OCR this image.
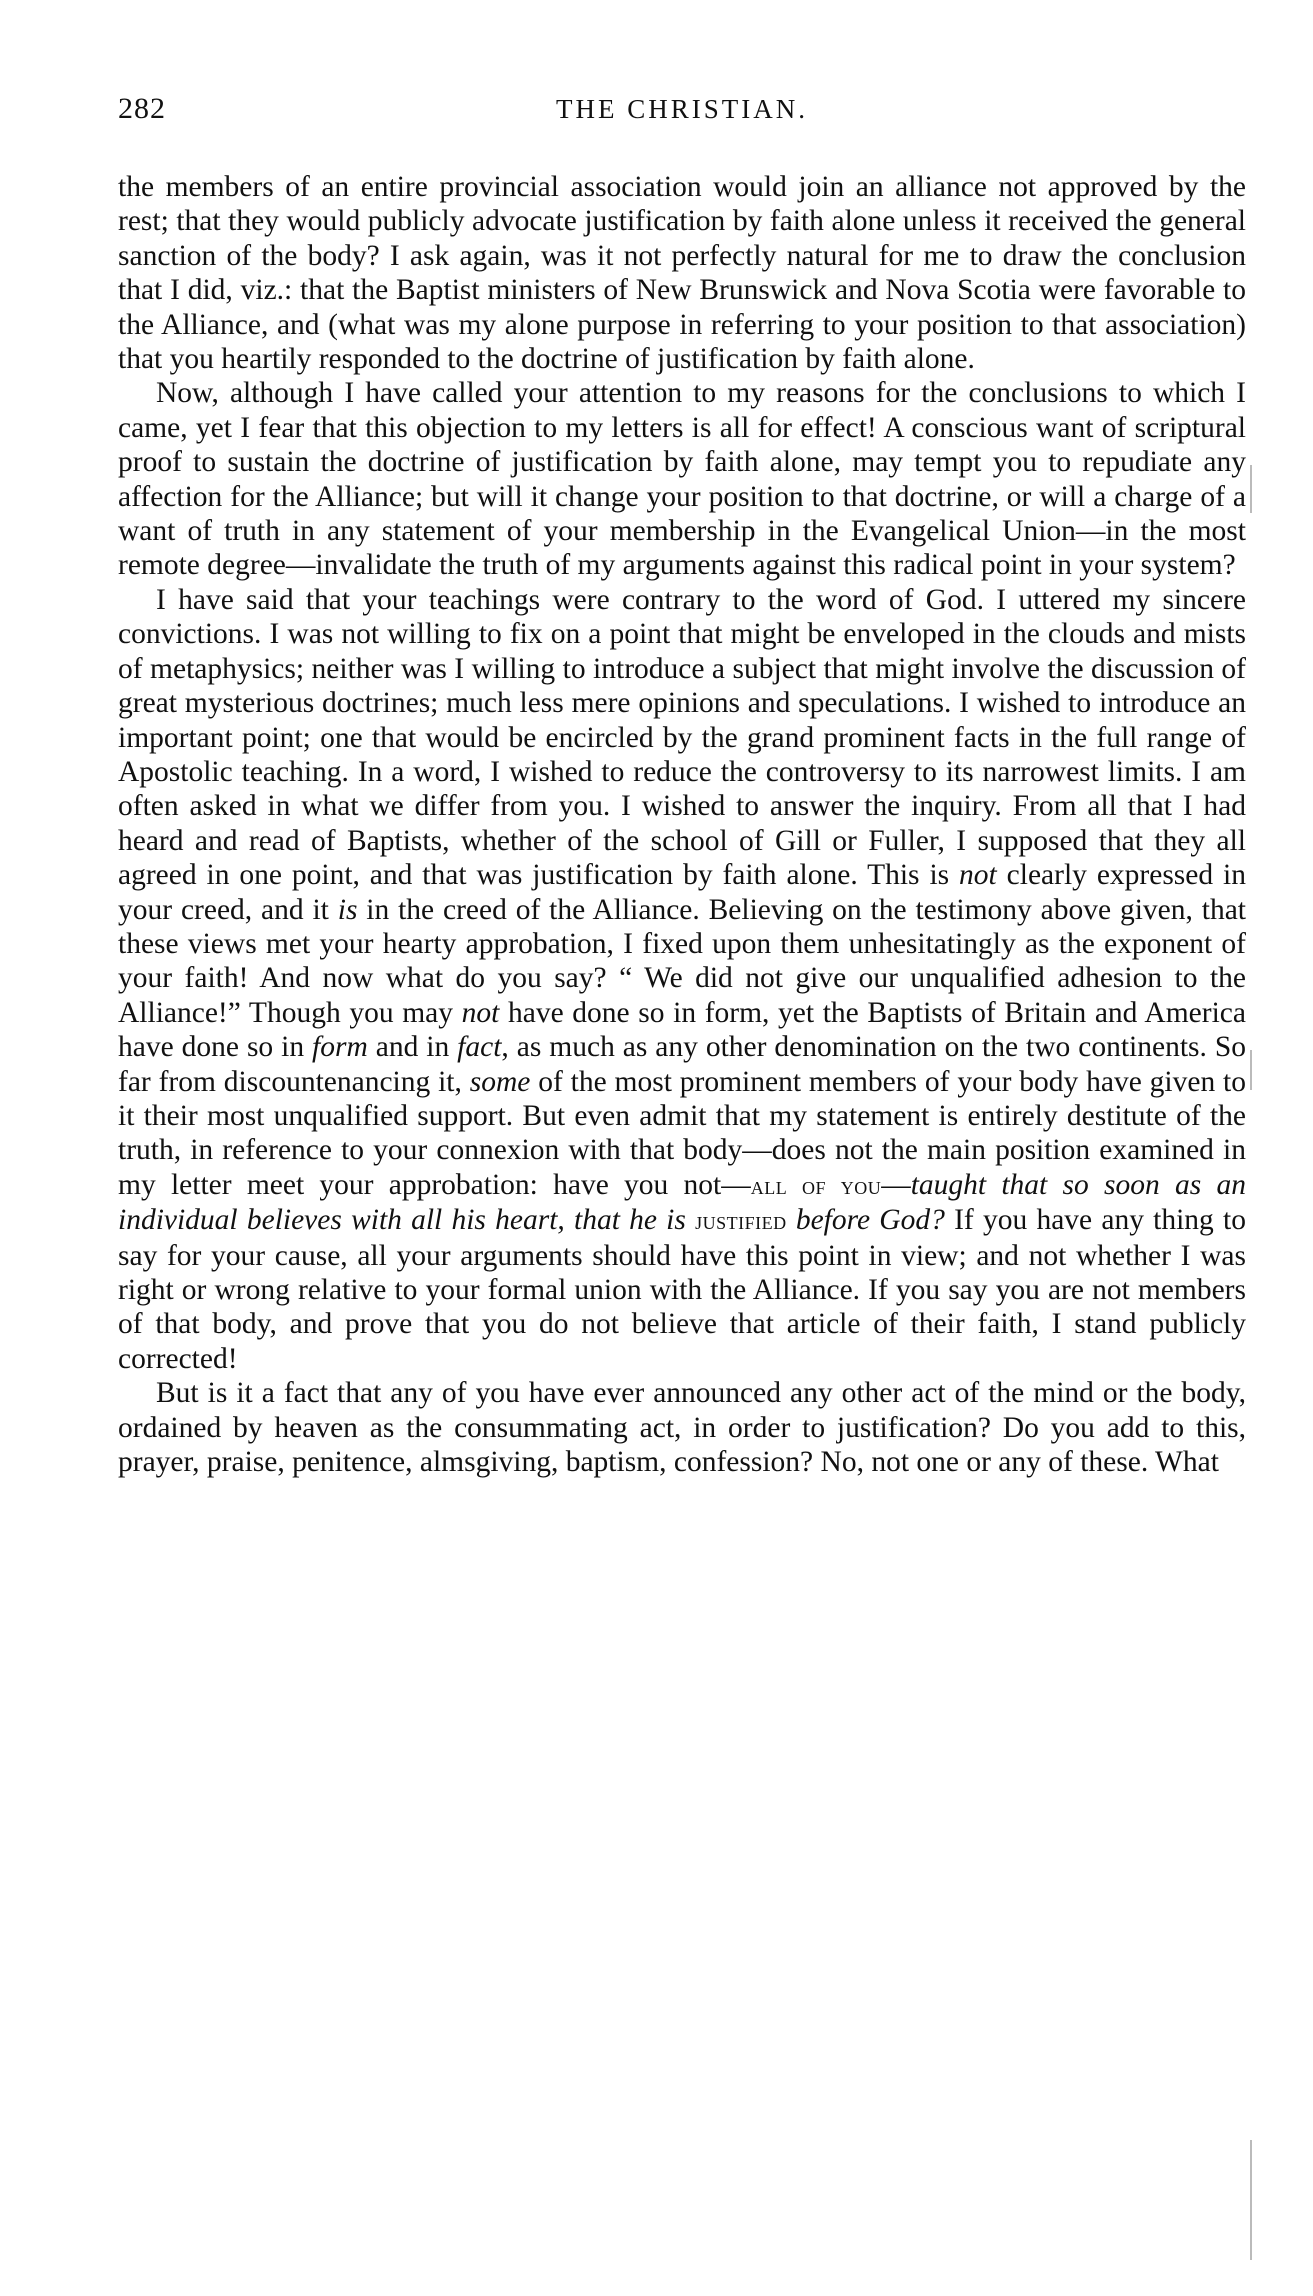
282	THE CHRISTIAN.

the members of an entire provincial association would join an alliance not approved by the rest; that they would publicly advocate justification by faith alone unless it received the general sanction of the body? I ask again, was it not perfectly natural for me to draw the conclusion that I did, viz.: that the Baptist ministers of New Brunswick and Nova Scotia were favorable to the Alliance, and (what was my alone purpose in referring to your position to that association) that you heartily responded to the doctrine of justification by faith alone.

Now, although I have called your attention to my reasons for the conclusions to which I came, yet I fear that this objection to my letters is all for effect! A conscious want of scriptural proof to sustain the doctrine of justification by faith alone, may tempt you to repudiate any affection for the Alliance; but will it change your position to that doctrine, or will a charge of a want of truth in any statement of your membership in the Evangelical Union—in the most remote degree—invalidate the truth of my arguments against this radical point in your system?

I have said that your teachings were contrary to the word of God. I uttered my sincere convictions. I was not willing to fix on a point that might be enveloped in the clouds and mists of metaphysics; neither was I willing to introduce a subject that might involve the discussion of great mysterious doctrines; much less mere opinions and speculations. I wished to introduce an important point; one that would be encircled by the grand prominent facts in the full range of Apostolic teaching. In a word, I wished to reduce the controversy to its narrowest limits. I am often asked in what we differ from you. I wished to answer the inquiry. From all that I had heard and read of Baptists, whether of the school of Gill or Fuller, I supposed that they all agreed in one point, and that was justification by faith alone. This is not clearly expressed in your creed, and it is in the creed of the Alliance. Believing on the testimony above given, that these views met your hearty approbation, I fixed upon them unhesitatingly as the exponent of your faith! And now what do you say? “ We did not give our unqualified adhesion to the Alliance!” Though you may not have done so in form, yet the Baptists of Britain and America have done so in form and in fact, as much as any other denomination on the two continents. So far from discountenancing it, some of the most prominent members of your body have given to it their most unqualified support. But even admit that my statement is entirely destitute of the truth, in reference to your connexion with that body—does not the main position examined in my letter meet your approbation: have you not—all of you—taught that so soon as an individual believes with all his heart, that he is justified before God? If you have any thing to say for your cause, all your arguments should have this point in view; and not whether I was right or wrong relative to your formal union with the Alliance. If you say you are not members of that body, and prove that you do not believe that article of their faith, I stand publicly corrected!

But is it a fact that any of you have ever announced any other act of the mind or the body, ordained by heaven as the consummating act, in order to justification? Do you add to this, prayer, praise, penitence, almsgiving, baptism, confession? No, not one or any of these. What
